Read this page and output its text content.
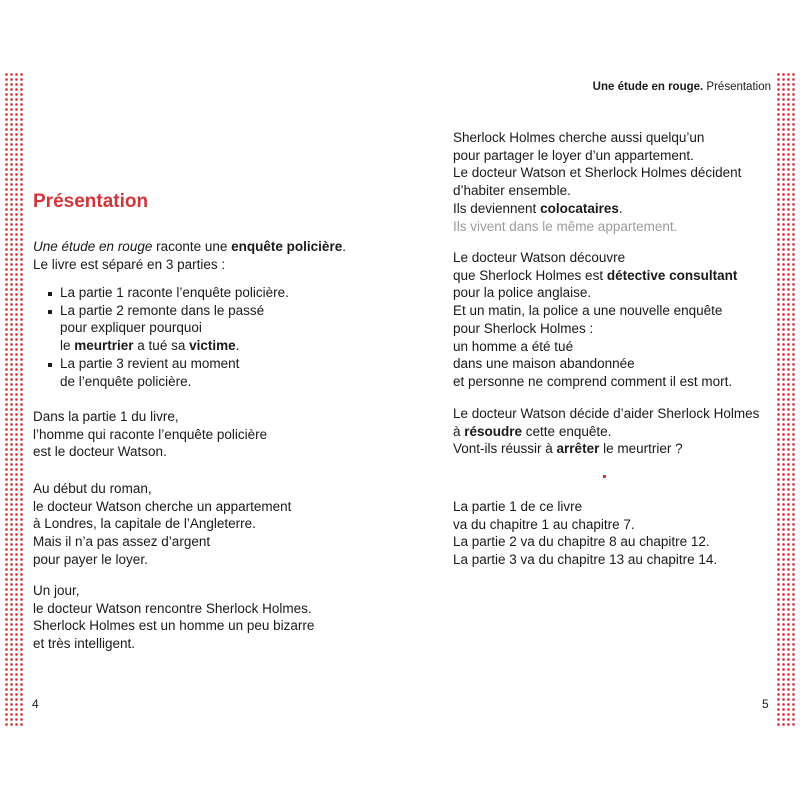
Présentation
Une étude en rouge raconte une enquête policière.
Le livre est séparé en 3 parties :
La partie 1 raconte l’enquête policière.
La partie 2 remonte dans le passé
pour expliquer pourquoi
le meurtrier a tué sa victime.
La partie 3 revient au moment
de l’enquête policière.
Dans la partie 1 du livre,
l’homme qui raconte l’enquête policière
est le docteur Watson.
Au début du roman,
le docteur Watson cherche un appartement
à Londres, la capitale de l’Angleterre.
Mais il n’a pas assez d’argent
pour payer le loyer.
Un jour,
le docteur Watson rencontre Sherlock Holmes.
Sherlock Holmes est un homme un peu bizarre
et très intelligent.
4
Une étude en rouge. Présentation
Sherlock Holmes cherche aussi quelqu’un
pour partager le loyer d’un appartement.
Le docteur Watson et Sherlock Holmes décident
d’habiter ensemble.
Ils deviennent colocataires.
Ils vivent dans le même appartement.
Le docteur Watson découvre
que Sherlock Holmes est détective consultant
pour la police anglaise.
Et un matin, la police a une nouvelle enquête
pour Sherlock Holmes :
un homme a été tué
dans une maison abandonnée
et personne ne comprend comment il est mort.
Le docteur Watson décide d’aider Sherlock Holmes
à résoudre cette enquête.
Vont-ils réussir à arrêter le meurtrier ?
La partie 1 de ce livre
va du chapitre 1 au chapitre 7.
La partie 2 va du chapitre 8 au chapitre 12.
La partie 3 va du chapitre 13 au chapitre 14.
5
